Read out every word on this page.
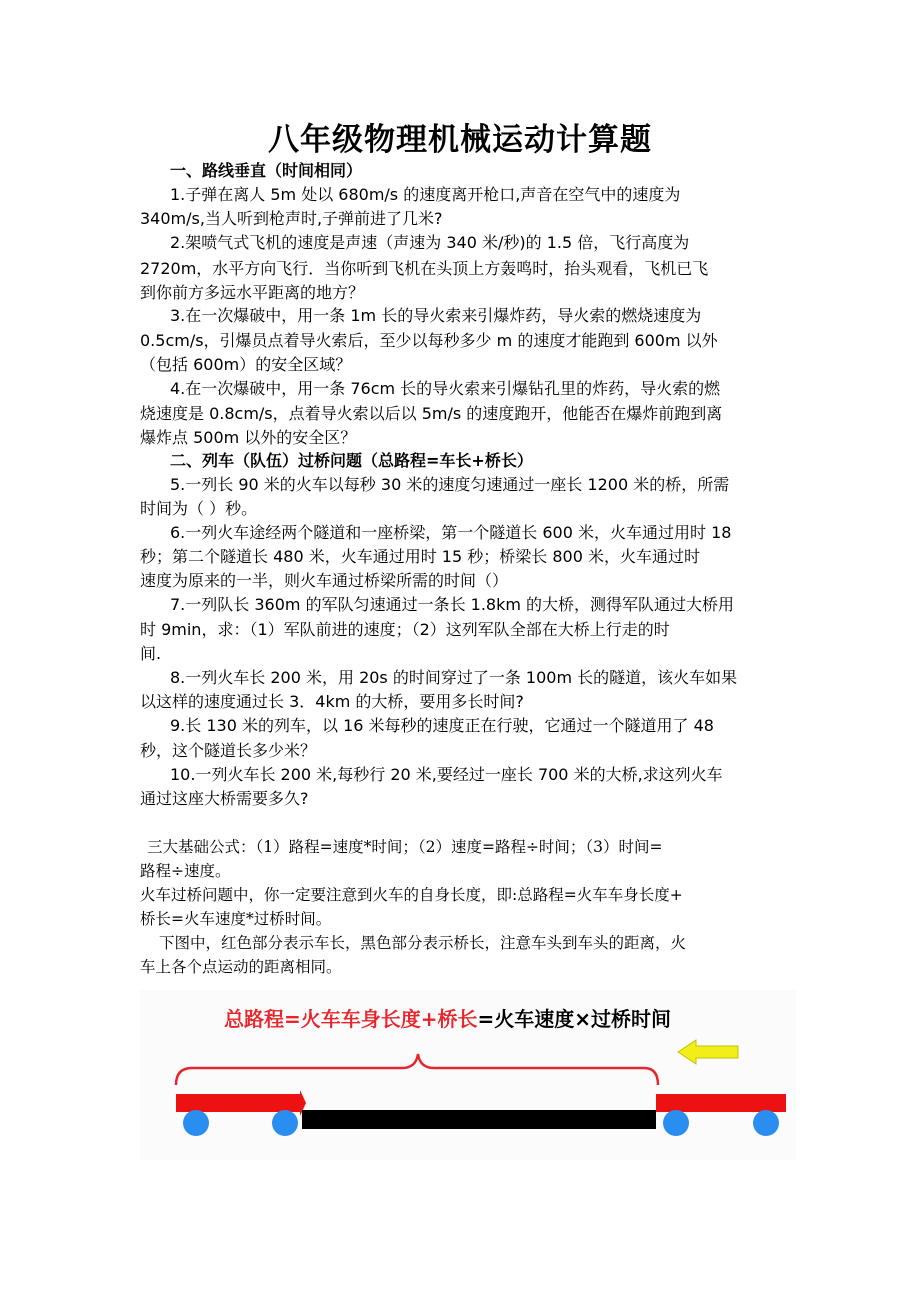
八年级物理机械运动计算题
一、路线垂直（时间相同）
1.子弹在离人 5m 处以 680m/s 的速度离开枪口,声音在空气中的速度为
340m/s,当人听到枪声时,子弹前进了几米?
2.架喷气式飞机的速度是声速（声速为 340 米/秒)的 1.5 倍，飞行高度为
2720m，水平方向飞行．当你听到飞机在头顶上方轰鸣时，抬头观看，飞机已飞
到你前方多远水平距离的地方？
3.在一次爆破中，用一条 1m 长的导火索来引爆炸药，导火索的燃烧速度为
0.5cm/s，引爆员点着导火索后，至少以每秒多少 m 的速度才能跑到 600m 以外
（包括 600m）的安全区域？
4.在一次爆破中，用一条 76cm 长的导火索来引爆钻孔里的炸药，导火索的燃
烧速度是 0.8cm/s，点着导火索以后以 5m/s 的速度跑开，他能否在爆炸前跑到离
爆炸点 500m 以外的安全区？
二、列车（队伍）过桥问题（总路程=车长+桥长）
5.一列长 90 米的火车以每秒 30 米的速度匀速通过一座长 1200 米的桥，所需
时间为（ ）秒。
6.一列火车途经两个隧道和一座桥梁，第一个隧道长 600 米，火车通过用时 18
秒；第二个隧道长 480 米，火车通过用时 15 秒；桥梁长 800 米，火车通过时
速度为原来的一半，则火车通过桥梁所需的时间（）
7.一列队长 360m 的军队匀速通过一条长 1.8km 的大桥，测得军队通过大桥用
时 9min，求：（1）军队前进的速度；（2）这列军队全部在大桥上行走的时
间.
8.一列火车长 200 米，用 20s 的时间穿过了一条 100m 长的隧道，该火车如果
以这样的速度通过长 3．4km 的大桥，要用多长时间?
9.长 130 米的列车，以 16 米每秒的速度正在行驶，它通过一个隧道用了 48
秒，这个隧道长多少米？
10.一列火车长 200 米,每秒行 20 米,要经过一座长 700 米的大桥,求这列火车
通过这座大桥需要多久?
三大基础公式：（1）路程=速度*时间；（2）速度=路程÷时间；（3）时间=
路程÷速度。
火车过桥问题中，你一定要注意到火车的自身长度，即:总路程=火车车身长度+
桥长=火车速度*过桥时间。
下图中，红色部分表示车长，黑色部分表示桥长，注意车头到车头的距离，火
车上各个点运动的距离相同。
总路程=火车车身长度+桥长=火车速度×过桥时间
